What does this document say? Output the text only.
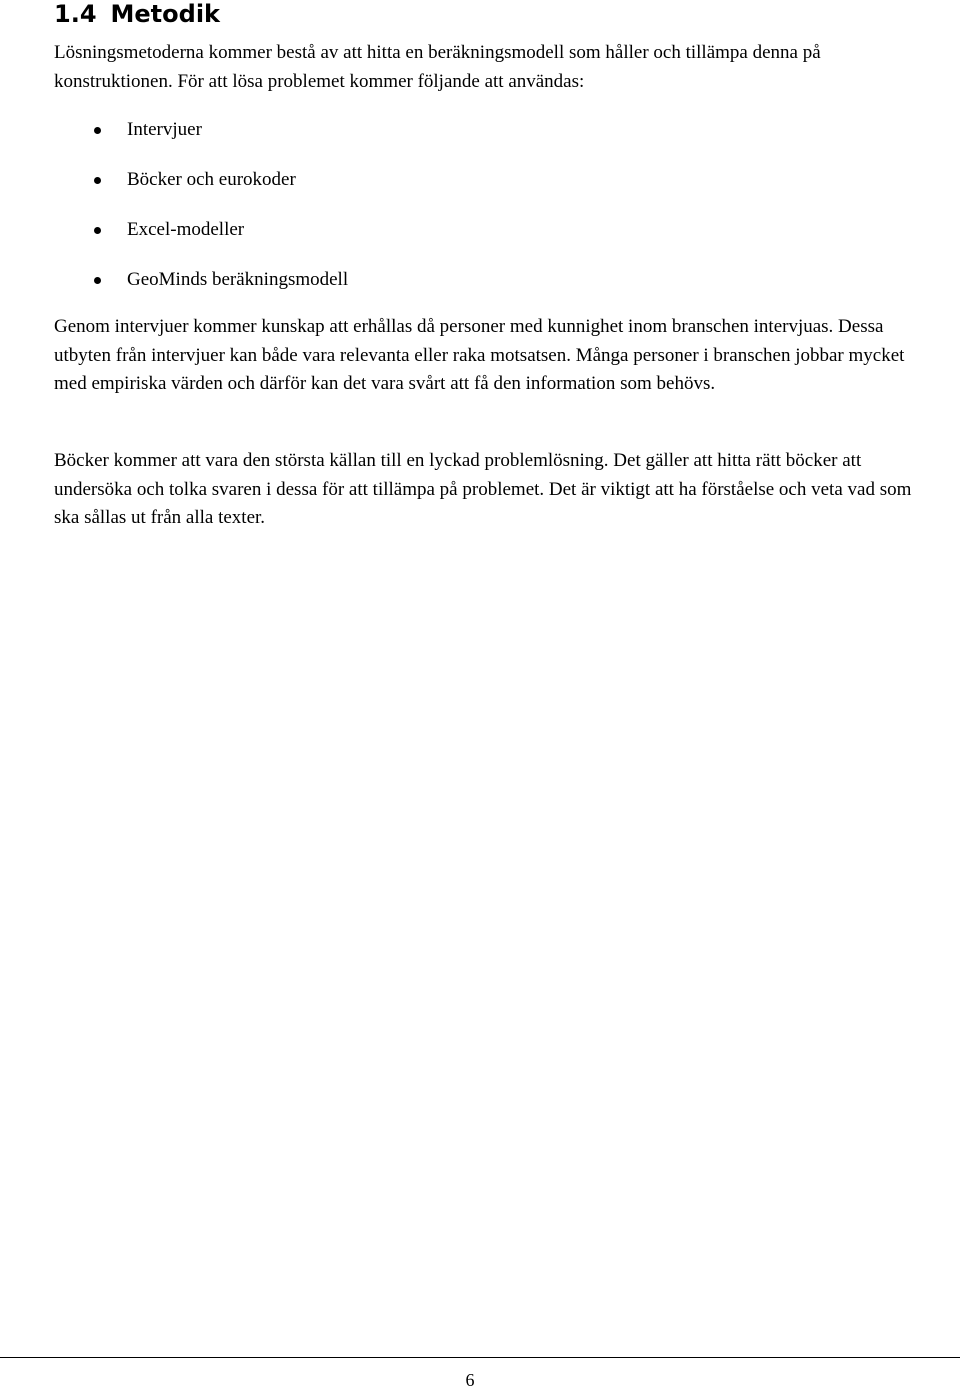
1.4 Metodik

Lösningsmetoderna kommer bestå av att hitta en beräkningsmodell som håller och tillämpa denna på konstruktionen. För att lösa problemet kommer följande att användas:

Intervjuer
Böcker och eurokoder
Excel-modeller
GeoMinds beräkningsmodell

Genom intervjuer kommer kunskap att erhållas då personer med kunnighet inom branschen intervjuas. Dessa utbyten från intervjuer kan både vara relevanta eller raka motsatsen. Många personer i branschen jobbar mycket med empiriska värden och därför kan det vara svårt att få den information som behövs.

Böcker kommer att vara den största källan till en lyckad problemlösning. Det gäller att hitta rätt böcker att undersöka och tolka svaren i dessa för att tillämpa på problemet. Det är viktigt att ha förståelse och veta vad som ska sållas ut från alla texter.

6
